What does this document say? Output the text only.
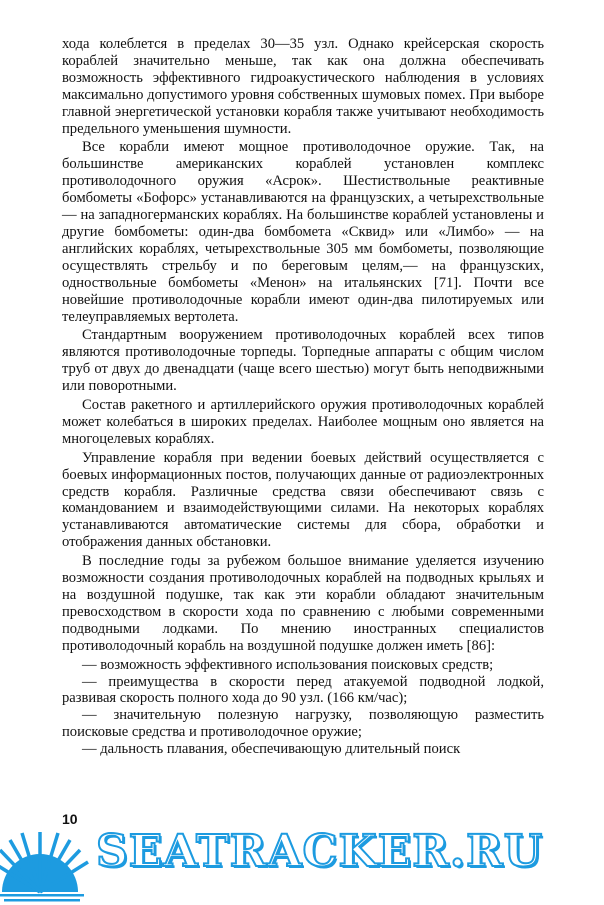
хода колеблется в пределах 30—35 узл. Однако крейсерская скорость кораблей значительно меньше, так как она должна обеспечивать возможность эффективного гидроакустического наблюдения в условиях максимально допустимого уровня собственных шумовых помех. При выборе главной энергетической установки корабля также учитывают необходимость предельного уменьшения шумности.

Все корабли имеют мощное противолодочное оружие. Так, на большинстве американских кораблей установлен комплекс противолодочного оружия «Асрок». Шестиствольные реактивные бомбометы «Бофорс» устанавливаются на французских, а четырехствольные — на западногерманских кораблях. На большинстве кораблей установлены и другие бомбометы: один-два бомбомета «Сквид» или «Лимбо» — на английских кораблях, четырехствольные 305 мм бомбометы, позволяющие осуществлять стрельбу и по береговым целям,— на французских, одноствольные бомбометы «Менон» на итальянских [71]. Почти все новейшие противолодочные корабли имеют один-два пилотируемых или телеуправляемых вертолета.

Стандартным вооружением противолодочных кораблей всех типов являются противолодочные торпеды. Торпедные аппараты с общим числом труб от двух до двенадцати (чаще всего шестью) могут быть неподвижными или поворотными.

Состав ракетного и артиллерийского оружия противолодочных кораблей может колебаться в широких пределах. Наиболее мощным оно является на многоцелевых кораблях.

Управление корабля при ведении боевых действий осуществляется с боевых информационных постов, получающих данные от радиоэлектронных средств корабля. Различные средства связи обеспечивают связь с командованием и взаимодействующими силами. На некоторых кораблях устанавливаются автоматические системы для сбора, обработки и отображения данных обстановки.

В последние годы за рубежом большое внимание уделяется изучению возможности создания противолодочных кораблей на подводных крыльях и на воздушной подушке, так как эти корабли обладают значительным превосходством в скорости хода по сравнению с любыми современными подводными лодками. По мнению иностранных специалистов противолодочный корабль на воздушной подушке должен иметь [86]:

— возможность эффективного использования поисковых средств;

— преимущества в скорости перед атакуемой подводной лодкой, развивая скорость полного хода до 90 узл. (166 км/час);

— значительную полезную нагрузку, позволяющую разместить поисковые средства и противолодочное оружие;

— дальность плавания, обеспечивающую длительный поиск

10
SEATRACKER.RU
